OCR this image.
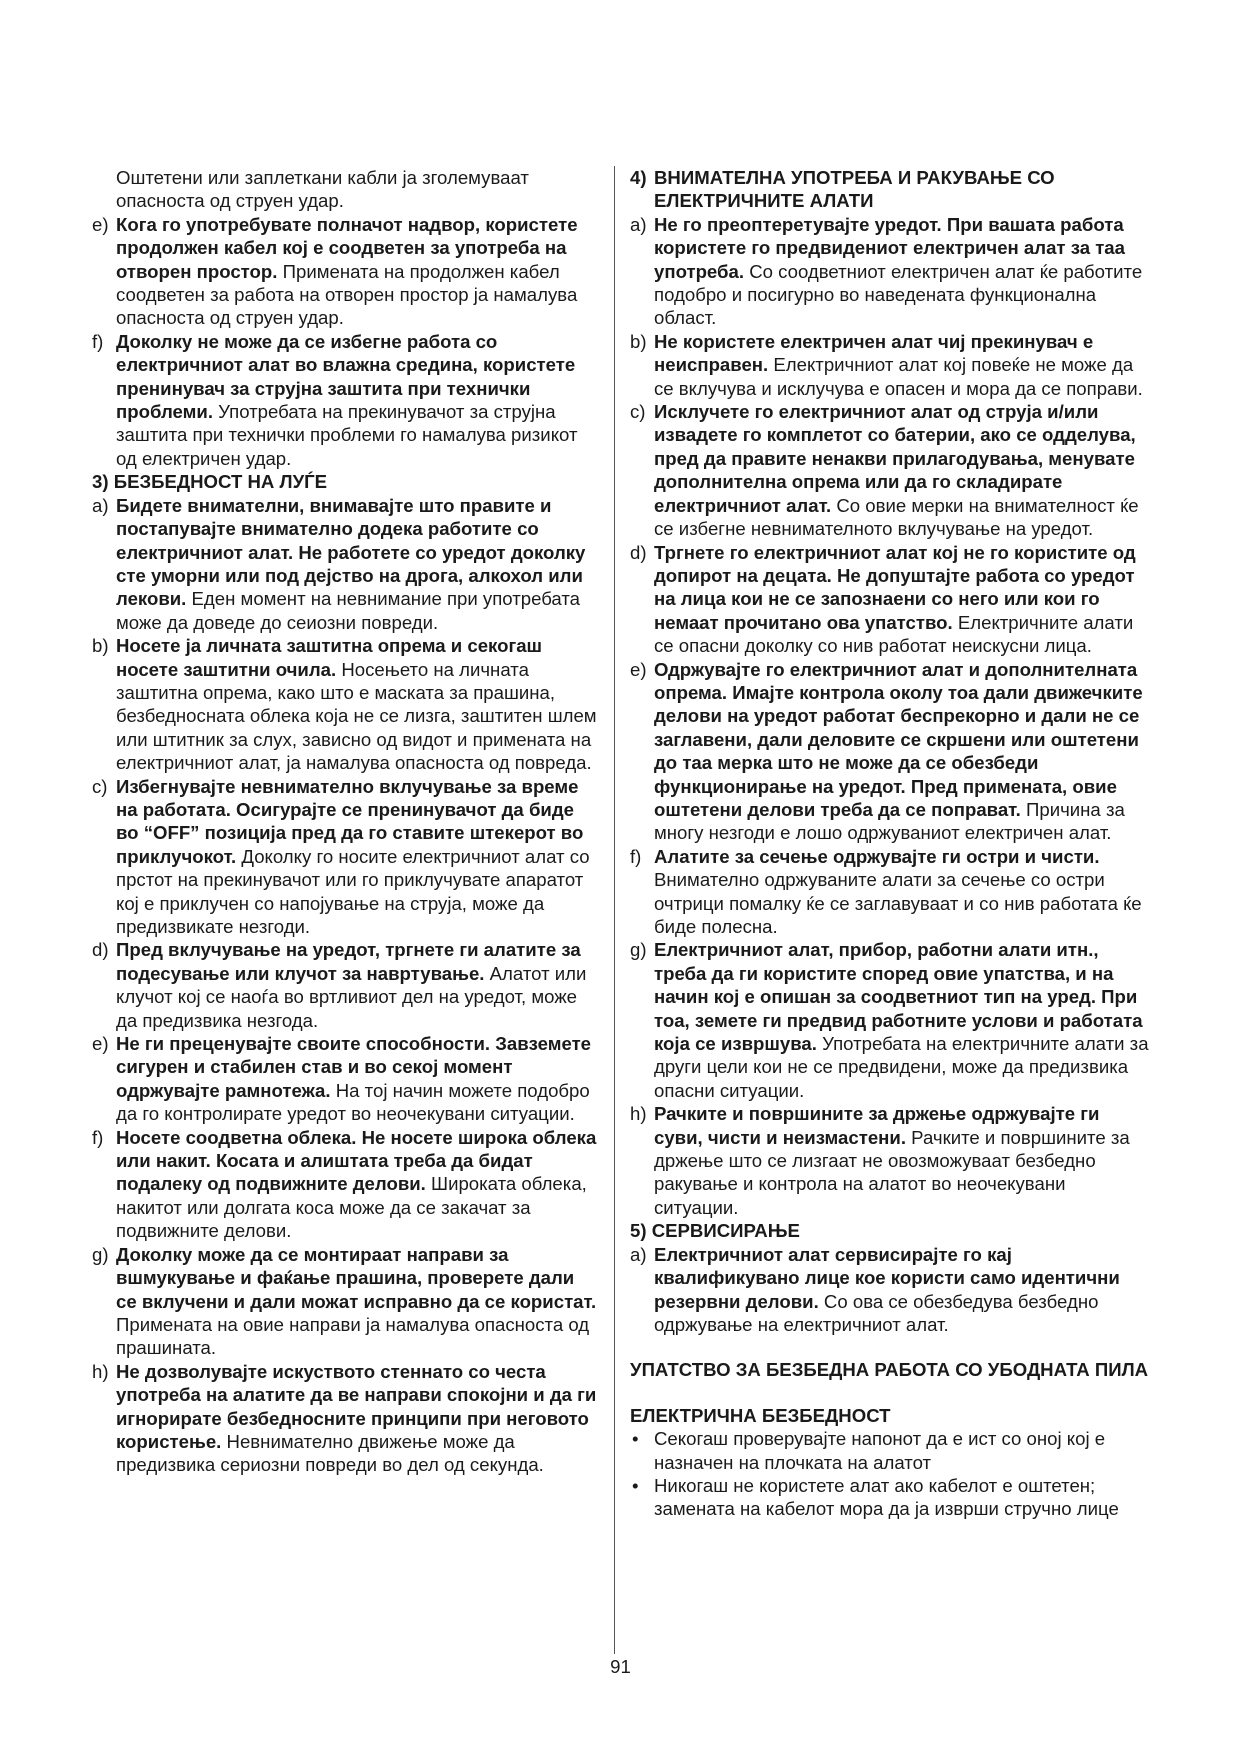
Оштетени или заплеткани кабли ја зголемуваат опасноста од струен удар.

e) Кога го употребувате полначот надвор, користете продолжен кабел кој е соодветен за употреба на отворен простор. Примената на продолжен кабел соодветен за работа на отворен простор ја намалува опасноста од струен удар.
f) Доколку не може да се избегне работа со електричниот алат во влажна средина, користете пренинувач за струјна заштита при технички проблеми. Употребата на прекинувачот за струјна заштита при технички проблеми го намалува ризикот од електричен удар.

3) БЕЗБЕДНОСТ НА ЛУЃЕ

a) Бидете внимателни, внимавајте што правите и постапувајте внимателно додека работите со електричниот алат. Не работете со уредот доколку сте уморни или под дејство на дрога, алкохол или лекови. Еден момент на невнимание при употребата може да доведе до сеиозни повреди.
b) Носете ја личната заштитна опрема и секогаш носете заштитни очила. Носењето на личната заштитна опрема, како што е маската за прашина, безбедносната облека која не се лизга, заштитен шлем или штитник за слух, зависно од видот и примената на електричниот алат, ја намалува опасноста од повреда.
c) Избегнувајте невнимателно вклучување за време на работата. Осигурајте се пренинувачот да биде во “OFF” позиција пред да го ставите штекерот во приклучокот. Доколку го носите електричниот алат со прстот на прекинувачот или го приклучувате апаратот кој е приклучен со напојување на струја, може да предизвикате незгоди.
d) Пред вклучување на уредот, тргнете ги алатите за подесување или клучот за навртување. Алатот или клучот кој се наоѓа во вртливиот дел на уредот, може да предизвика незгода.
e) Не ги преценувајте своите способности. Завземете сигурен и стабилен став и во секој момент одржувајте рамнотежа. На тој начин можете подобро да го контролирате уредот во неочекувани ситуации.
f) Носете соодветна облека. Не носете широка облека или накит. Косата и алиштата треба да бидат подалеку од подвижните делови. Широката облека, накитот или долгата коса може да се закачат за подвижните делови.
g) Доколку може да се монтираат направи за вшмукување и фаќање прашина, проверете дали се вклучени и дали можат исправно да се користат. Примената на овие направи ја намалува опасноста од прашината.
h) Не дозволувајте искуството стеннато со честа употреба на алатите да ве направи спокојни и да ги игнорирате безбедносните принципи при неговото користење. Невнимателно движење може да предизвика сериозни повреди во дел од секунда.
4) ВНИМАТЕЛНА УПОТРЕБА И РАКУВАЊЕ СО ЕЛЕКТРИЧНИТЕ АЛАТИ
a) Не го преоптеретувајте уредот. При вашата работа користете го предвидениот електричен алат за таа употреба. Со соодветниот електричен алат ќе работите подобро и посигурно во наведената функционална област.
b) Не користете електричен алат чиј прекинувач е неисправен. Електричниот алат кој повеќе не може да се вклучува и исклучува е опасен и мора да се поправи.
c) Исклучете го електричниот алат од струја и/или извадете го комплетот со батерии, ако се одделува, пред да правите ненакви прилагодувања, менувате дополнителна опрема или да го складирате електричниот алат. Со овие мерки на внимателност ќе се избегне невнимателното вклучување на уредот.
d) Тргнете го електричниот алат кој не го користите од допирот на децата. Не допуштајте работа со уредот на лица кои не се запознаени со него или кои го немаат прочитано ова упатство. Електричните алати се опасни доколку со нив работат неискусни лица.
e) Одржувајте го електричниот алат и дополнителната опрема. Имајте контрола околу тоа дали движечките делови на уредот работат беспрекорно и дали не се заглавени, дали деловите се скршени или оштетени до таа мерка што не може да се обезбеди функционирање на уредот. Пред примената, овие оштетени делови треба да се поправат. Причина за многу незгоди е лошо одржуваниот електричен алат.
f) Алатите за сечење одржувајте ги остри и чисти. Внимателно одржуваните алати за сечење со остри очтрици помалку ќе се заглавуваат и со нив работата ќе биде полесна.
g) Електричниот алат, прибор, работни алати итн., треба да ги користите според овие упатства, и на начин кој е опишан за соодветниот тип на уред. При тоа, земете ги предвид работните услови и работата која се извршува. Употребата на електричните алати за други цели кои не се предвидени, може да предизвика опасни ситуации.
h) Рачките и површините за држење одржувајте ги суви, чисти и неизмастени. Рачките и површините за држење што се лизгаат не овозможуваат безбедно ракување и контрола на алатот во неочекувани ситуации.

5) СЕРВИСИРАЊЕ

a) Електричниот алат сервисирајте го кај квалификувано лице кое користи само идентични резервни делови. Со ова се обезбедува безбедно одржување на електричниот алат.

УПАТСТВО ЗА БЕЗБЕДНА РАБОТА СО УБОДНАТА ПИЛА

ЕЛЕКТРИЧНА БЕЗБЕДНОСТ

• Секогаш проверувајте напонот да е ист со оној кој е назначен на плочката на алатот
• Никогаш не користете алат ако кабелот е оштетен; замената на кабелот мора да ја изврши стручно лице
91
